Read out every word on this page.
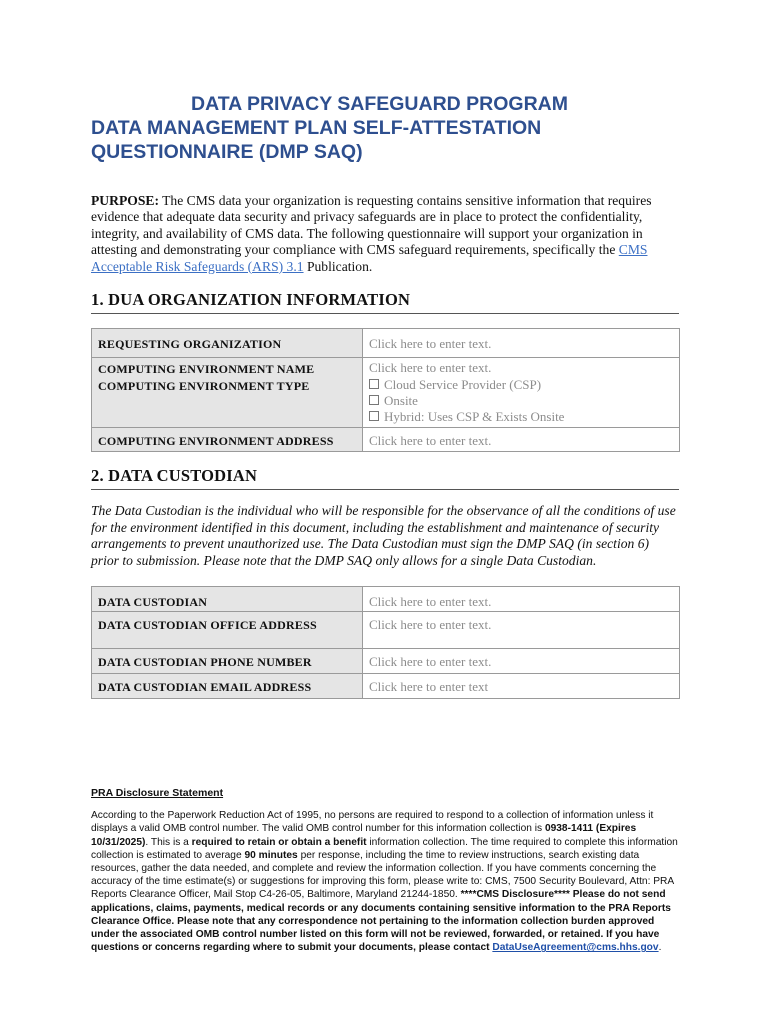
DATA PRIVACY SAFEGUARD PROGRAM
DATA MANAGEMENT PLAN SELF-ATTESTATION
QUESTIONNAIRE (DMP SAQ)

PURPOSE: The CMS data your organization is requesting contains sensitive information that requires evidence that adequate data security and privacy safeguards are in place to protect the confidentiality, integrity, and availability of CMS data. The following questionnaire will support your organization in attesting and demonstrating your compliance with CMS safeguard requirements, specifically the CMS Acceptable Risk Safeguards (ARS) 3.1 Publication.

1. DUA ORGANIZATION INFORMATION
REQUESTING ORGANIZATION	Click here to enter text.
COMPUTING ENVIRONMENT NAME	Click here to enter text.
COMPUTING ENVIRONMENT TYPE	Cloud Service Provider (CSP)
Onsite
Hybrid: Uses CSP & Exists Onsite

COMPUTING ENVIRONMENT ADDRESS	Click here to enter text.
2. DATA CUSTODIAN

The Data Custodian is the individual who will be responsible for the observance of all the conditions of use for the environment identified in this document, including the establishment and maintenance of security arrangements to prevent unauthorized use. The Data Custodian must sign the DMP SAQ (in section 6) prior to submission. Please note that the DMP SAQ only allows for a single Data Custodian.

DATA CUSTODIAN	Click here to enter text.
DATA CUSTODIAN OFFICE ADDRESS	Click here to enter text.
DATA CUSTODIAN PHONE NUMBER	Click here to enter text.
DATA CUSTODIAN EMAIL ADDRESS	Click here to enter text

PRA Disclosure Statement

According to the Paperwork Reduction Act of 1995, no persons are required to respond to a collection of information unless it displays a valid OMB control number. The valid OMB control number for this information collection is 0938-1411 (Expires 10/31/2025). This is a required to retain or obtain a benefit information collection. The time required to complete this information collection is estimated to average 90 minutes per response, including the time to review instructions, search existing data resources, gather the data needed, and complete and review the information collection. If you have comments concerning the accuracy of the time estimate(s) or suggestions for improving this form, please write to: CMS, 7500 Security Boulevard, Attn: PRA Reports Clearance Officer, Mail Stop C4-26-05, Baltimore, Maryland 21244-1850. ****CMS Disclosure**** Please do not send applications, claims, payments, medical records or any documents containing sensitive information to the PRA Reports Clearance Office. Please note that any correspondence not pertaining to the information collection burden approved under the associated OMB control number listed on this form will not be reviewed, forwarded, or retained. If you have questions or concerns regarding where to submit your documents, please contact DataUseAgreement@cms.hhs.gov.
